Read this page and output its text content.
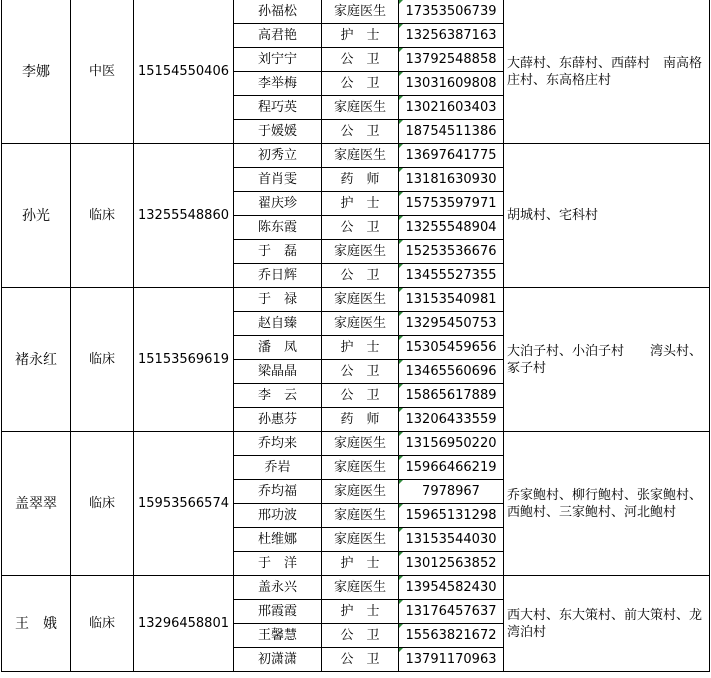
李娜	中医	15154550406	孙福松	家庭医生	17353506739	大薛村、东薛村、西薛村　南高格庄村、东高格庄村
			高君艳	护　士	13256387163	
			刘宁宁	公　卫	13792548858	
			李举梅	公　卫	13031609808	
			程巧英	家庭医生	13021603403	
			于媛媛	公　卫	18754511386	
孙光	临床	13255548860	初秀立	家庭医生	13697641775	胡城村、宅科村
			首肖雯	药　师	13181630930	
			翟庆珍	护　士	15753597971	
			陈东霞	公　卫	13255548904	
			于　磊	家庭医生	15253536676	
			乔日辉	公　卫	13455527355	
褚永红	临床	15153569619	于　禄	家庭医生	13153540981	大泊子村、小泊子村　　湾头村、冢子村
			赵自臻	家庭医生	13295450753	
			潘　凤	护　士	15305459656	
			梁晶晶	公　卫	13465560696	
			李　云	公　卫	15865617889	
			孙惠芬	药　师	13206433559	
盖翠翠	临床	15953566574	乔均来	家庭医生	13156950220	乔家鲍村、柳行鲍村、张家鲍村、西鲍村、三家鲍村、河北鲍村
			乔岩	家庭医生	15966466219	
			乔均福	家庭医生	7978967	
			邢功波	家庭医生	15965131298	
			杜维娜	家庭医生	13153544030	
			于　洋	护　士	13012563852	
王　娥	临床	13296458801	盖永兴	家庭医生	13954582430	西大村、东大策村、前大策村、龙湾泊村
			邢霞霞	护　士	13176457637	
			王馨慧	公　卫	15563821672	
			初潇潇	公　卫	13791170963	
